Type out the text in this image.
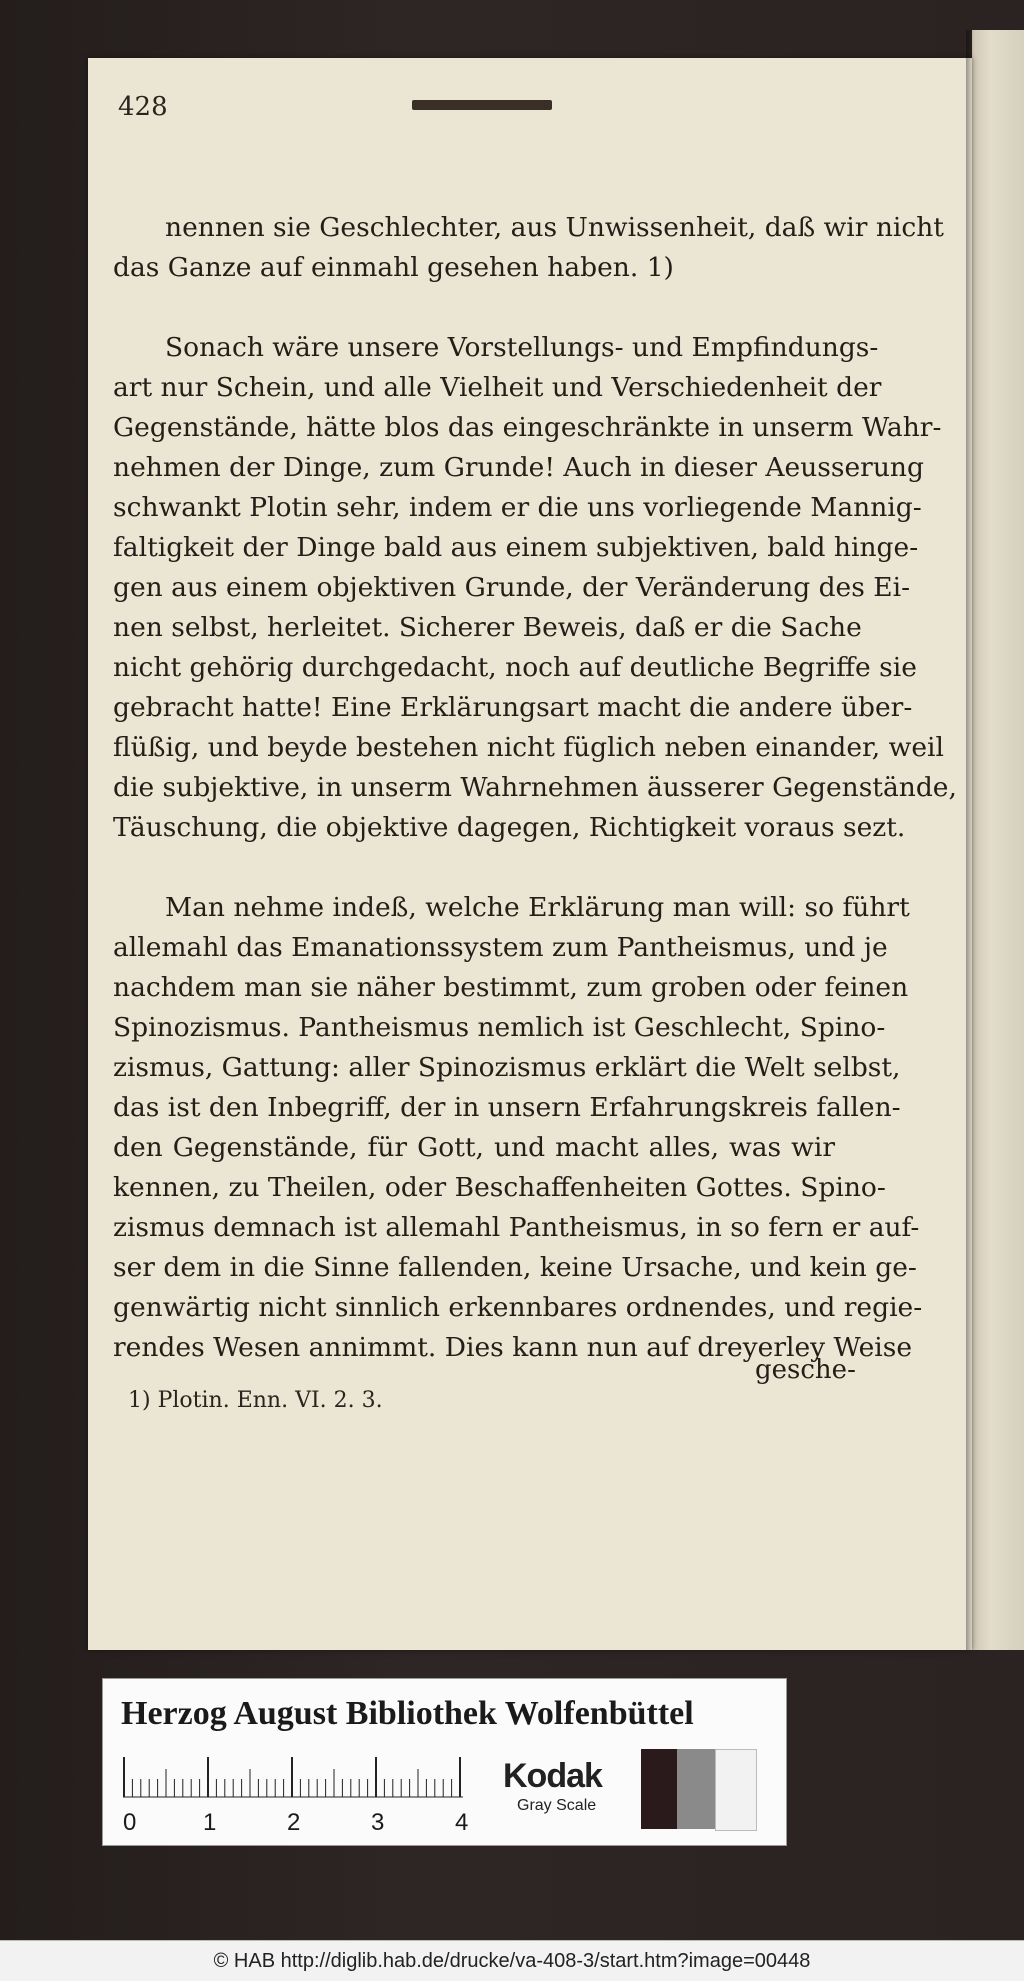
428
nennen sie Geschlechter, aus Unwissenheit, daß wir nicht
das Ganze auf einmahl gesehen haben. 1)
Sonach wäre unsere Vorstellungs- und Empfindungs-
art nur Schein, und alle Vielheit und Verschiedenheit der
Gegenstände, hätte blos das eingeschränkte in unserm Wahr-
nehmen der Dinge, zum Grunde! Auch in dieser Aeusserung
schwankt Plotin sehr, indem er die uns vorliegende Mannig-
faltigkeit der Dinge bald aus einem subjektiven, bald hinge-
gen aus einem objektiven Grunde, der Veränderung des Ei-
nen selbst, herleitet. Sicherer Beweis, daß er die Sache
nicht gehörig durchgedacht, noch auf deutliche Begriffe sie
gebracht hatte! Eine Erklärungsart macht die andere über-
flüßig, und beyde bestehen nicht füglich neben einander, weil
die subjektive, in unserm Wahrnehmen äusserer Gegenstände,
Täuschung, die objektive dagegen, Richtigkeit voraus sezt.
Man nehme indeß, welche Erklärung man will: so führt
allemahl das Emanationssystem zum Pantheismus, und je
nachdem man sie näher bestimmt, zum groben oder feinen
Spinozismus. Pantheismus nemlich ist Geschlecht, Spino-
zismus, Gattung: aller Spinozismus erklärt die Welt selbst,
das ist den Inbegriff, der in unsern Erfahrungskreis fallen-
den Gegenstände, für Gott, und macht alles, was wir
kennen, zu Theilen, oder Beschaffenheiten Gottes. Spino-
zismus demnach ist allemahl Pantheismus, in so fern er auf-
ser dem in die Sinne fallenden, keine Ursache, und kein ge-
genwärtig nicht sinnlich erkennbares ordnendes, und regie-
rendes Wesen annimmt. Dies kann nun auf dreyerley Weise
gesche-
1) Plotin. Enn. VI. 2. 3.
Herzog August Bibliothek Wolfenbüttel
0	1	2	3	4
Kodak
Gray Scale
© HAB http://diglib.hab.de/drucke/va-408-3/start.htm?image=00448
